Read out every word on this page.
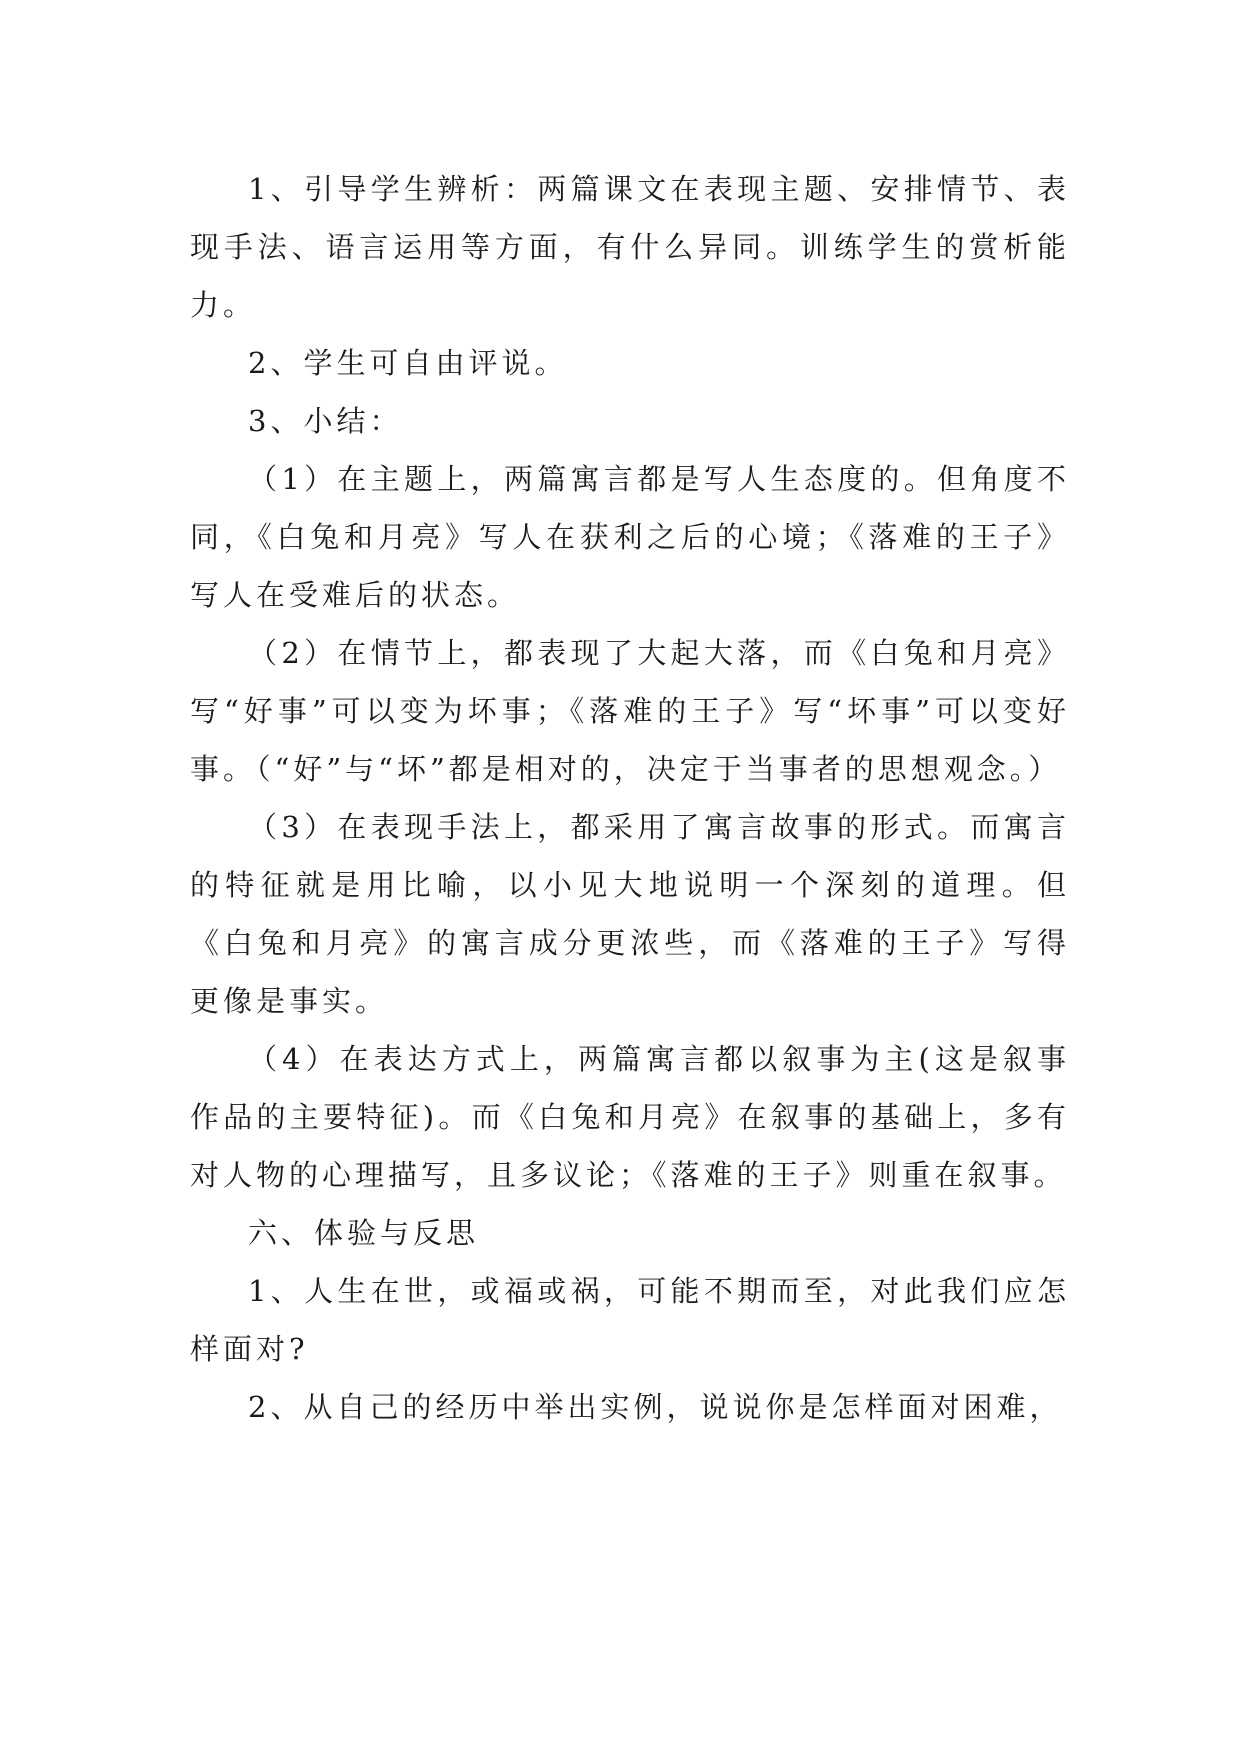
1、引导学生辨析：两篇课文在表现主题、安排情节、表现手法、语言运用等方面，有什么异同。训练学生的赏析能力。

2、学生可自由评说。

3、小结：

（1）在主题上，两篇寓言都是写人生态度的。但角度不同，《白兔和月亮》写人在获利之后的心境；《落难的王子》写人在受难后的状态。

（2）在情节上，都表现了大起大落，而《白兔和月亮》写“好事”可以变为坏事；《落难的王子》写“坏事”可以变好事。（“好”与“坏”都是相对的，决定于当事者的思想观念。）

（3）在表现手法上，都采用了寓言故事的形式。而寓言的特征就是用比喻，以小见大地说明一个深刻的道理。但《白兔和月亮》的寓言成分更浓些，而《落难的王子》写得更像是事实。

（4）在表达方式上，两篇寓言都以叙事为主(这是叙事作品的主要特征)。而《白兔和月亮》在叙事的基础上，多有对人物的心理描写，且多议论；《落难的王子》则重在叙事。

六、体验与反思

1、人生在世，或福或祸，可能不期而至，对此我们应怎样面对?

2、从自己的经历中举出实例，说说你是怎样面对困难，
